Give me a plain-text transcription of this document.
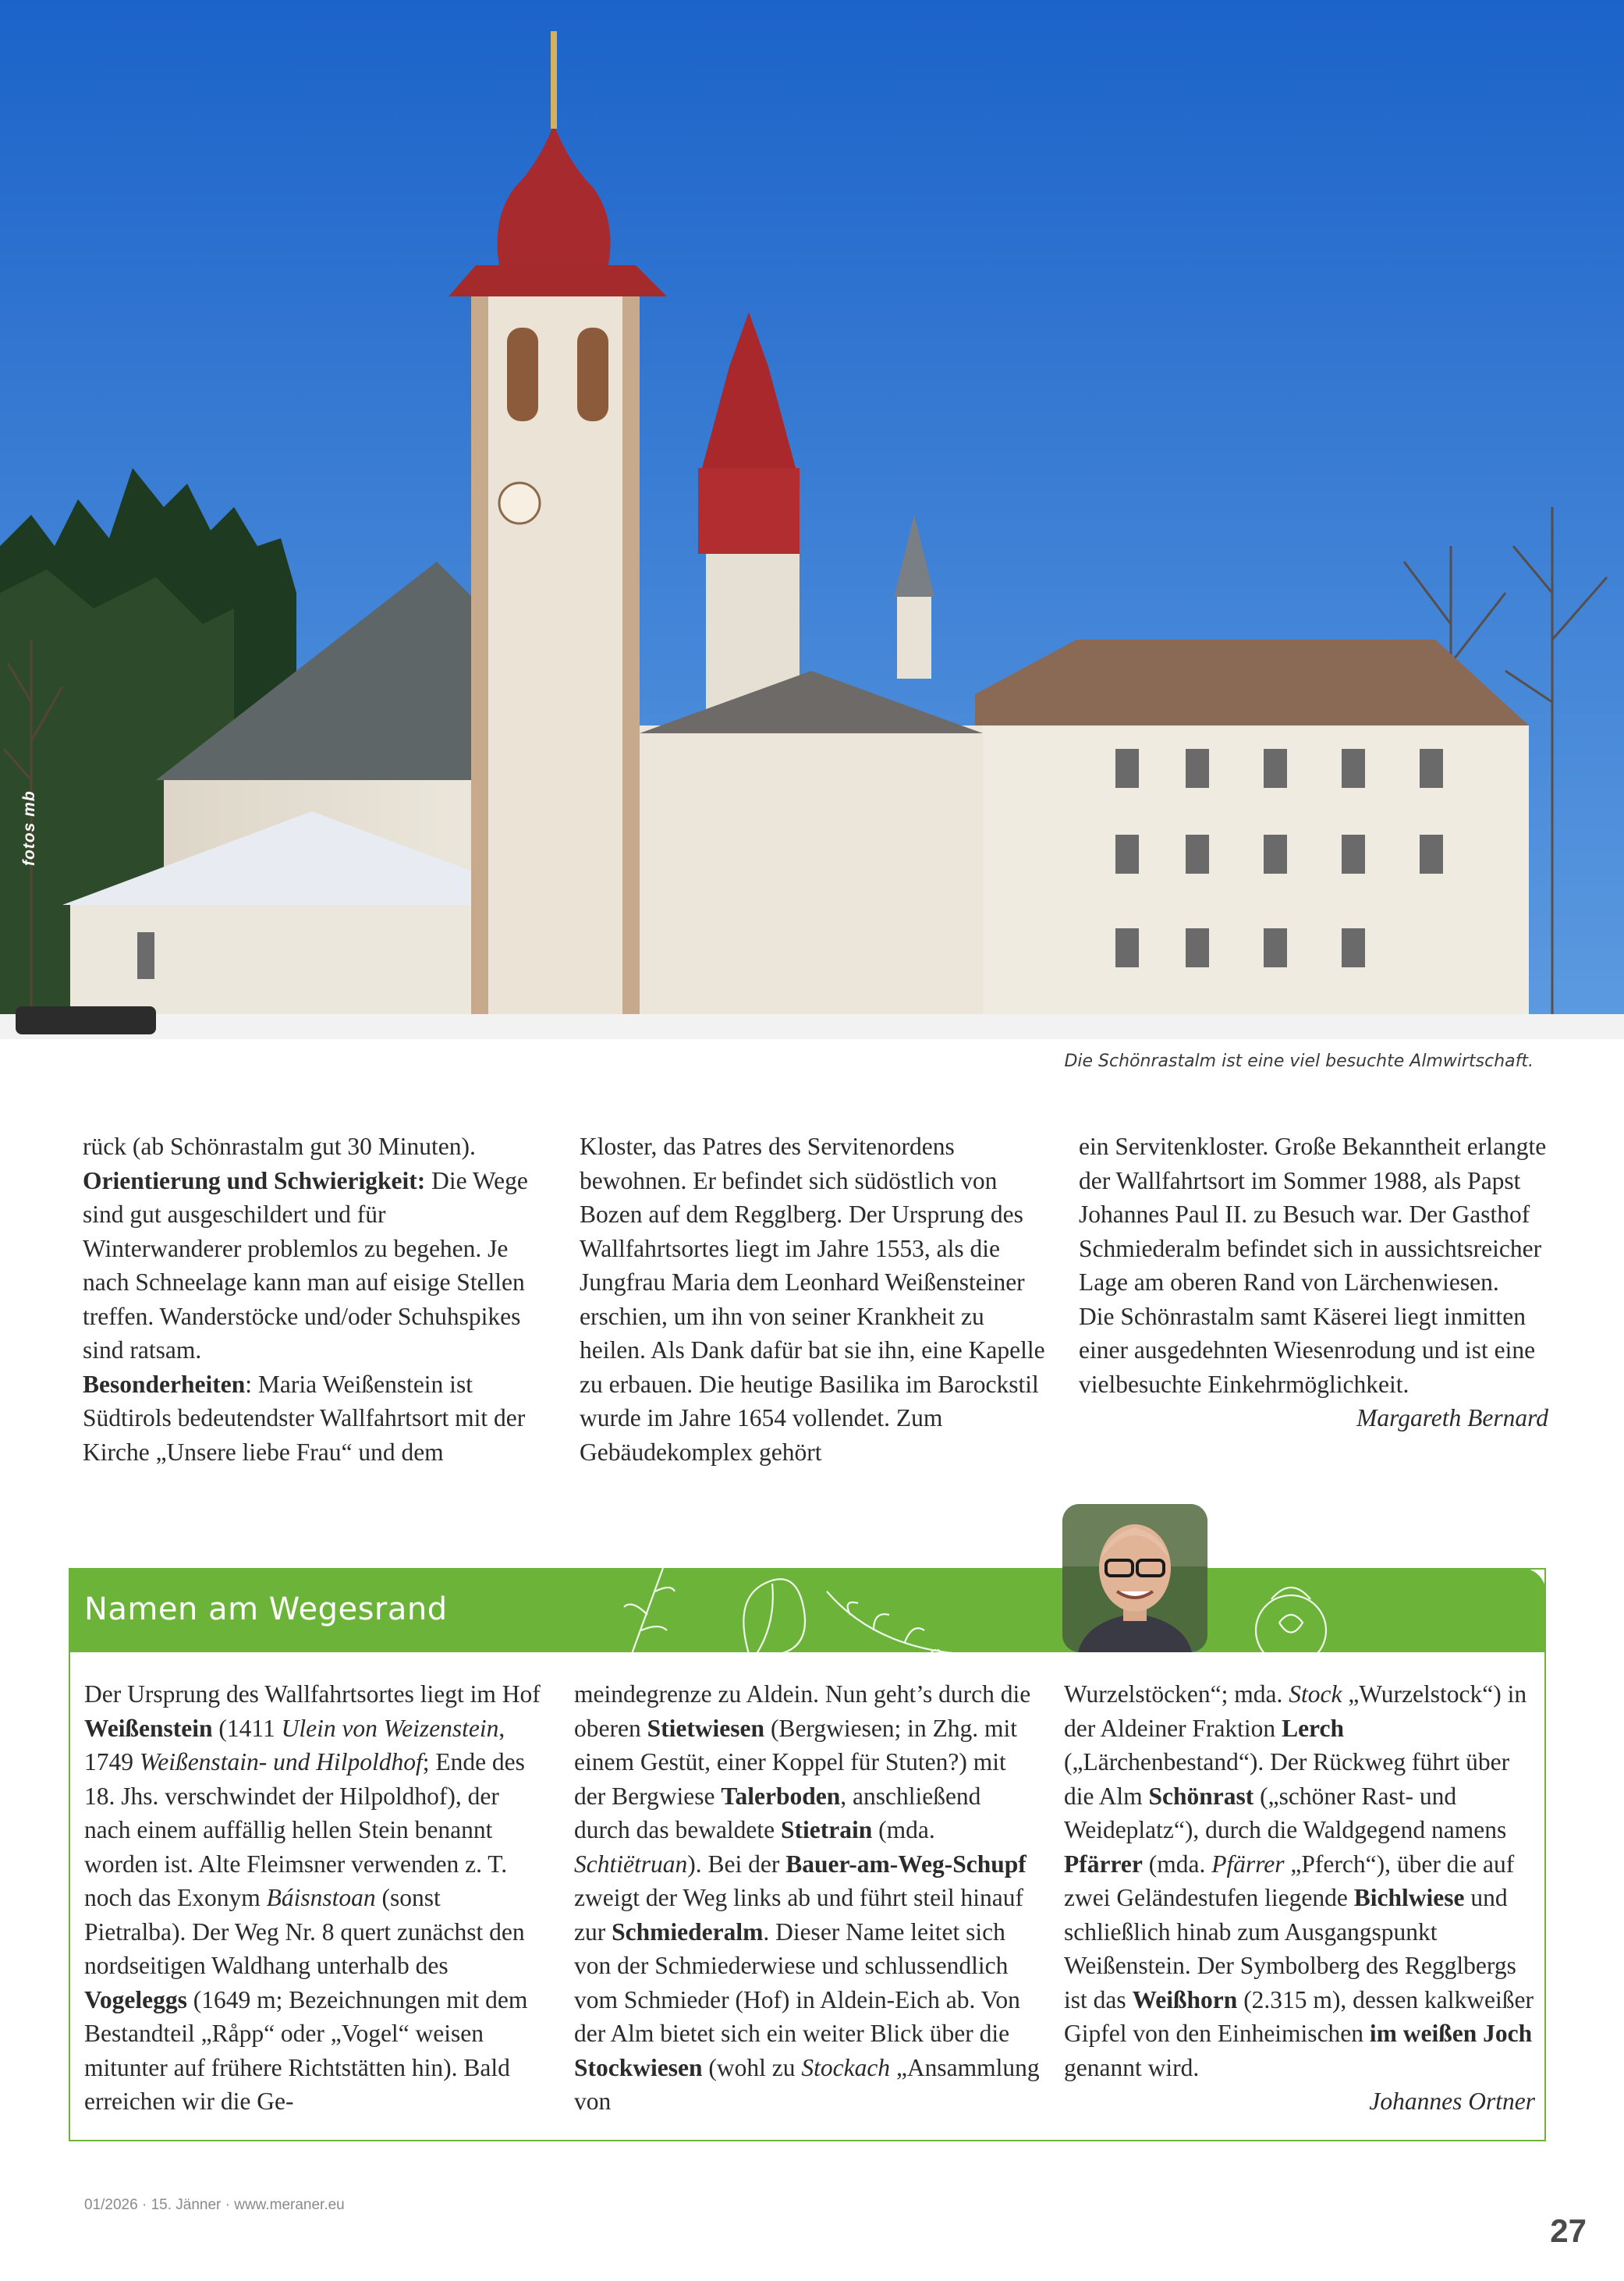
fotos mb
Die Schönrastalm ist eine viel besuchte Almwirtschaft.

rück (ab Schönrastalm gut 30 Minuten).

Orientierung und Schwierigkeit: Die Wege sind gut ausgeschildert und für Winterwanderer problemlos zu begehen. Je nach Schneelage kann man auf eisige Stellen treffen. Wanderstöcke und/oder Schuhspikes sind ratsam.

Besonderheiten: Maria Weißenstein ist Südtirols bedeutendster Wallfahrtsort mit der Kirche „Unsere liebe Frau“ und dem

Kloster, das Patres des Servitenordens bewohnen. Er befindet sich südöstlich von Bozen auf dem Regglberg. Der Ursprung des Wallfahrtsortes liegt im Jahre 1553, als die Jungfrau Maria dem Leonhard Weißensteiner erschien, um ihn von seiner Krankheit zu heilen. Als Dank dafür bat sie ihn, eine Kapelle zu erbauen. Die heutige Basilika im Barockstil wurde im Jahre 1654 vollendet. Zum Gebäudekomplex gehört

ein Servitenkloster. Große Bekanntheit erlangte der Wallfahrtsort im Sommer 1988, als Papst Johannes Paul II. zu Besuch war. Der Gasthof Schmiederalm befindet sich in aussichtsreicher Lage am oberen Rand von Lärchenwiesen.

Die Schönrastalm samt Käserei liegt inmitten einer ausgedehnten Wiesenrodung und ist eine vielbesuchte Einkehrmöglichkeit.

Margareth Bernard

Namen am Wegesrand

Der Ursprung des Wallfahrtsortes liegt im Hof Weißenstein (1411 Ulein von Weizenstein, 1749 Weißenstain- und Hilpoldhof; Ende des 18. Jhs. verschwindet der Hilpoldhof), der nach einem auffällig hellen Stein benannt worden ist. Alte Fleimsner verwenden z. T. noch das Exonym Báisnstoan (sonst Pietralba). Der Weg Nr. 8 quert zunächst den nordseitigen Waldhang unterhalb des Vogeleggs (1649 m; Bezeichnungen mit dem Bestandteil „Råpp“ oder „Vogel“ weisen mitunter auf frühere Richtstätten hin). Bald erreichen wir die Ge-

meindegrenze zu Aldein. Nun geht’s durch die oberen Stietwiesen (Bergwiesen; in Zhg. mit einem Gestüt, einer Koppel für Stuten?) mit der Bergwiese Talerboden, anschließend durch das bewaldete Stietrain (mda. Schtiëtruan). Bei der Bauer-am-Weg-Schupf zweigt der Weg links ab und führt steil hinauf zur Schmiederalm. Dieser Name leitet sich von der Schmiederwiese und schlussendlich vom Schmieder (Hof) in Aldein-Eich ab. Von der Alm bietet sich ein weiter Blick über die Stockwiesen (wohl zu Stockach „Ansammlung von

Wurzelstöcken“; mda. Stock „Wurzelstock“) in der Aldeiner Fraktion Lerch („Lärchenbestand“). Der Rückweg führt über die Alm Schönrast („schöner Rast- und Weideplatz“), durch die Waldgegend namens Pfärrer (mda. Pfärrer „Pferch“), über die auf zwei Geländestufen liegende Bichlwiese und schließlich hinab zum Ausgangspunkt Weißenstein. Der Symbolberg des Regglbergs ist das Weißhorn (2.315 m), dessen kalkweißer Gipfel von den Einheimischen im weißen Joch genannt wird.

Johannes Ortner

01/2026 · 15. Jänner · www.meraner.eu
27
